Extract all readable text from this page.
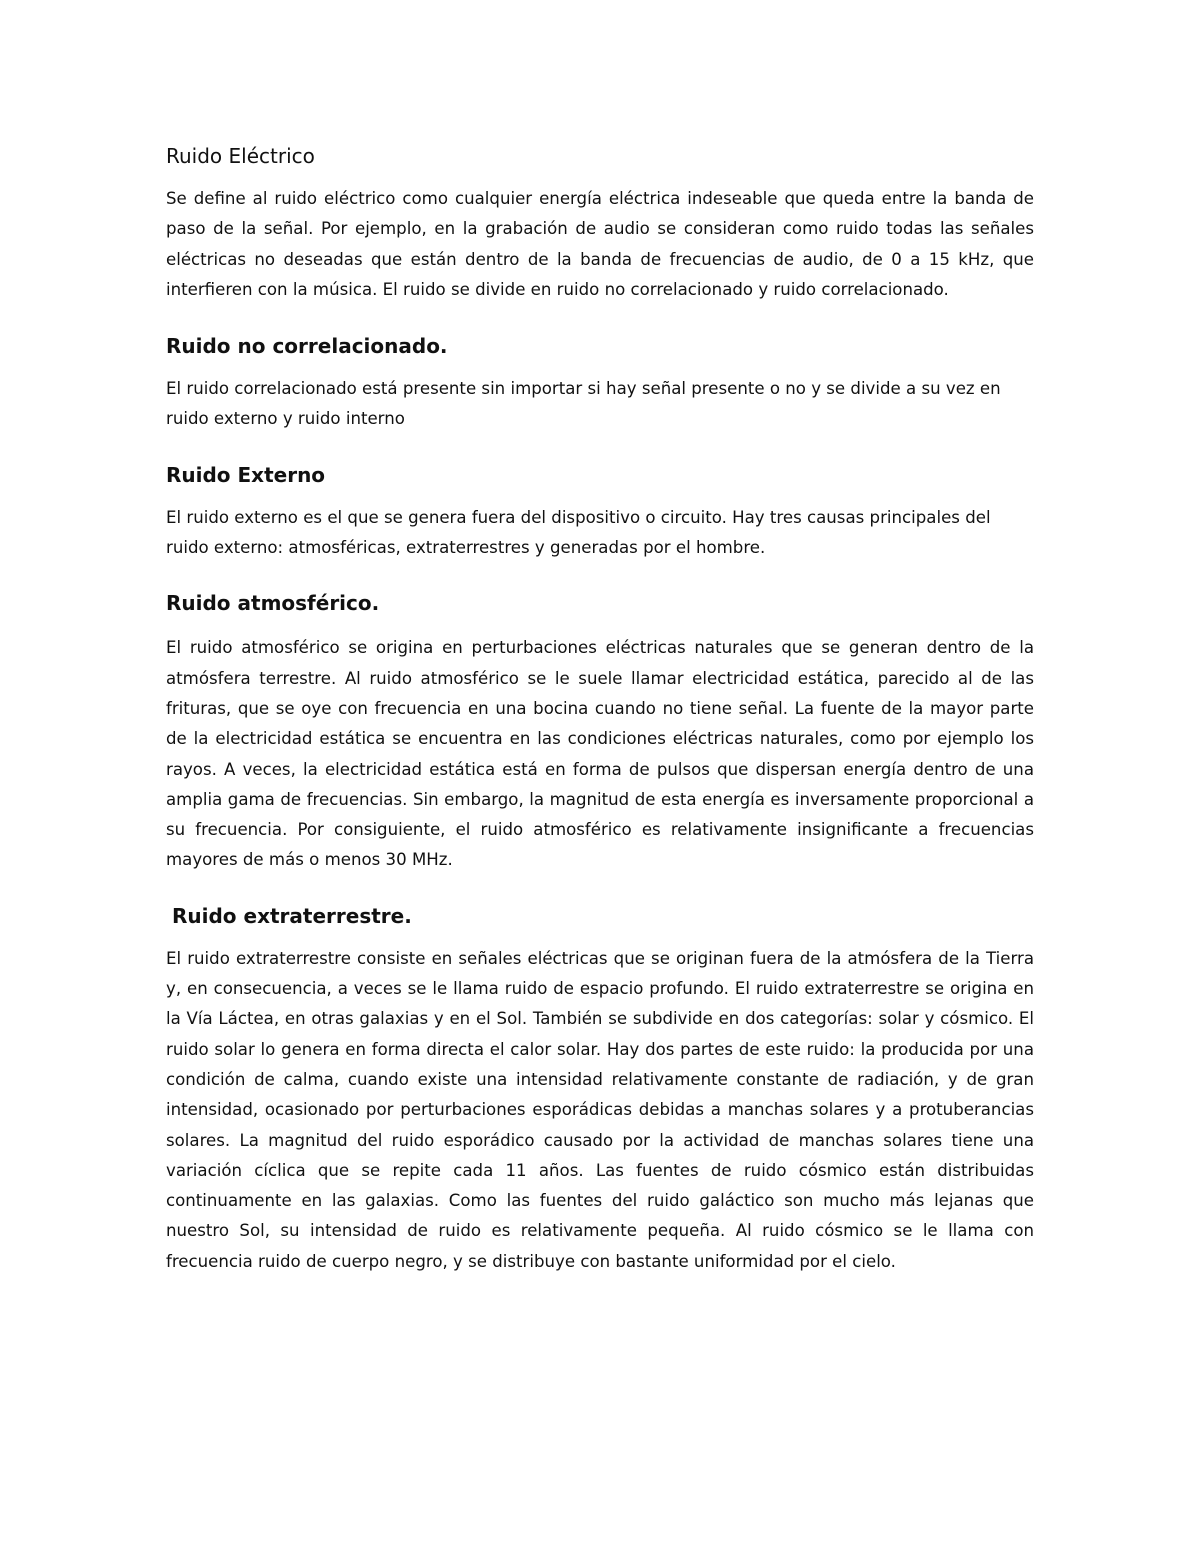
Ruido Eléctrico

Se define al ruido eléctrico como cualquier energía eléctrica indeseable que queda entre la banda de paso de la señal. Por ejemplo, en la grabación de audio se consideran como ruido todas las señales eléctricas no deseadas que están dentro de la banda de frecuencias de audio, de 0 a 15 kHz, que interfieren con la música. El ruido se divide en ruido no correlacionado y ruido correlacionado.

Ruido no correlacionado.

El ruido correlacionado está presente sin importar si hay señal presente o no y se divide a su vez en ruido externo y ruido interno

Ruido Externo

El ruido externo es el que se genera fuera del dispositivo o circuito. Hay tres causas principales del ruido externo: atmosféricas, extraterrestres y generadas por el hombre.

Ruido atmosférico.

El ruido atmosférico se origina en perturbaciones eléctricas naturales que se generan dentro de la atmósfera terrestre. Al ruido atmosférico se le suele llamar electricidad estática, parecido al de las frituras, que se oye con frecuencia en una bocina cuando no tiene señal. La fuente de la mayor parte de la electricidad estática se encuentra en las condiciones eléctricas naturales, como por ejemplo los rayos. A veces, la electricidad estática está en forma de pulsos que dispersan energía dentro de una amplia gama de frecuencias. Sin embargo, la magnitud de esta energía es inversamente proporcional a su frecuencia. Por consiguiente, el ruido atmosférico es relativamente insignificante a frecuencias mayores de más o menos 30 MHz.

Ruido extraterrestre.

El ruido extraterrestre consiste en señales eléctricas que se originan fuera de la atmósfera de la Tierra y, en consecuencia, a veces se le llama ruido de espacio profundo. El ruido extraterrestre se origina en la Vía Láctea, en otras galaxias y en el Sol. También se subdivide en dos categorías: solar y cósmico. El ruido solar lo genera en forma directa el calor solar. Hay dos partes de este ruido: la producida por una condición de calma, cuando existe una intensidad relativamente constante de radiación, y de gran intensidad, ocasionado por perturbaciones esporádicas debidas a manchas solares y a protuberancias solares. La magnitud del ruido esporádico causado por la actividad de manchas solares tiene una variación cíclica que se repite cada 11 años. Las fuentes de ruido cósmico están distribuidas continuamente en las galaxias. Como las fuentes del ruido galáctico son mucho más lejanas que nuestro Sol, su intensidad de ruido es relativamente pequeña. Al ruido cósmico se le llama con frecuencia ruido de cuerpo negro, y se distribuye con bastante uniformidad por el cielo.
